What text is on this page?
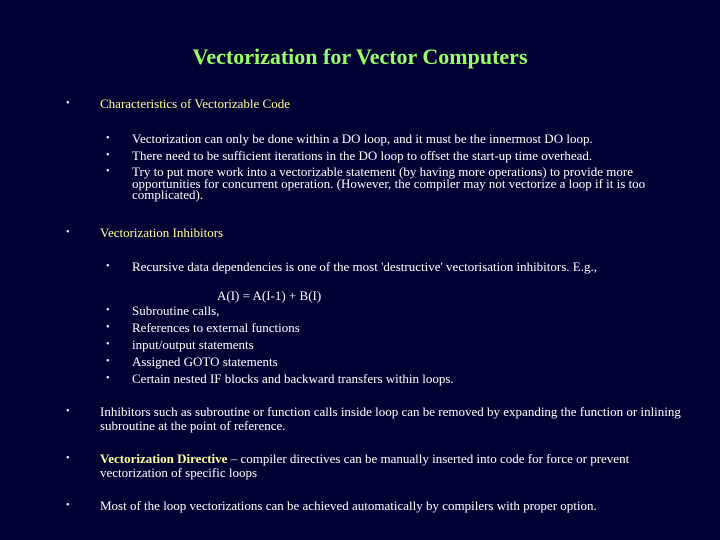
Vectorization for Vector Computers
• Characteristics of Vectorizable Code
• Vectorization can only be done within a DO loop, and it must be the innermost DO loop.
• There need to be sufficient iterations in the DO loop to offset the start-up time overhead.
• Try to put more work into a vectorizable statement (by having more operations) to provide more opportunities for concurrent operation. (However, the compiler may not vectorize a loop if it is too complicated).
• Vectorization Inhibitors
• Recursive data dependencies is one of the most 'destructive' vectorisation inhibitors. E.g.,
A(I) = A(I-1) + B(I)
• Subroutine calls,
• References to external functions
• input/output statements
• Assigned GOTO statements
• Certain nested IF blocks and backward transfers within loops.
• Inhibitors such as subroutine or function calls inside loop can be removed by expanding the function or inlining subroutine at the point of reference.
• Vectorization Directive – compiler directives can be manually inserted into code for force or prevent vectorization of specific loops
• Most of the loop vectorizations can be achieved automatically by compilers with proper option.
